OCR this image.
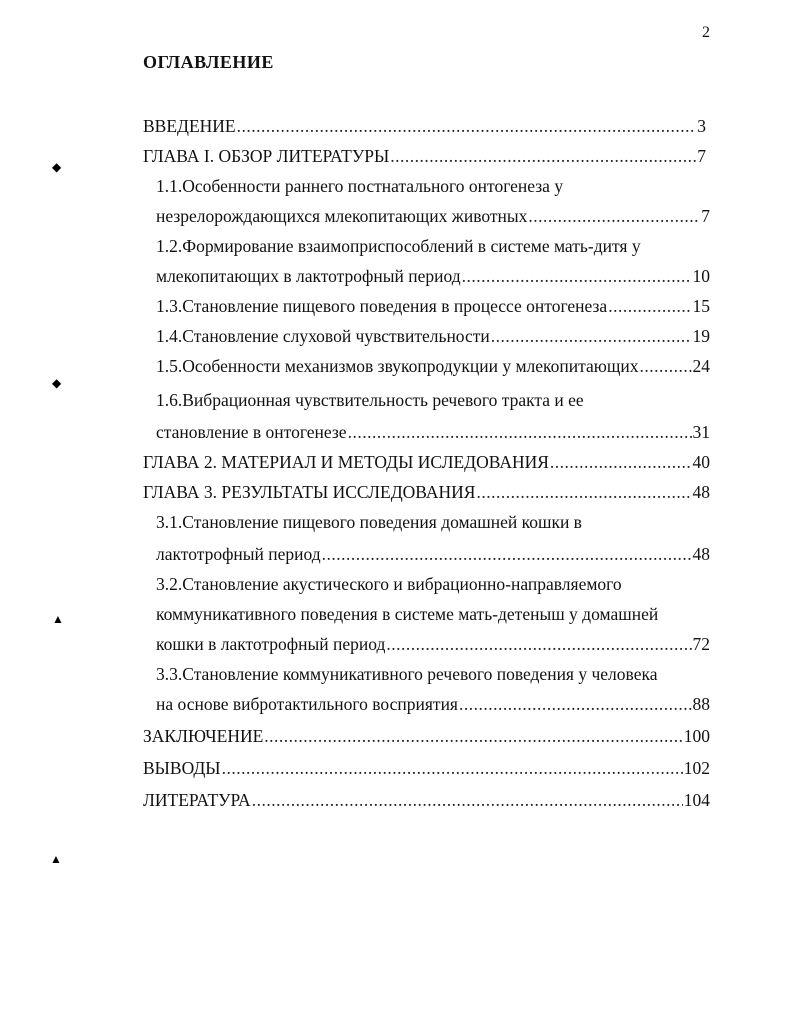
2
ОГЛАВЛЕНИЕ
ВВЕДЕНИЕ .....	3
ГЛАВА I. ОБЗОР ЛИТЕРАТУРЫ .....	7
1.1.Особенности раннего постнатального онтогенеза у
незрелорождающихся млекопитающих животных .....	7
1.2.Формирование взаимоприспособлений в системе мать-дитя у
млекопитающих в лактотрофный период .....	10
1.3. Становление пищевого поведения в процессе онтогенеза .....	15
1.4. Становление слуховой чувствительности .....	19
1.5. Особенности механизмов звукопродукции у млекопитающих .....	24
1.6.Вибрационная чувствительность речевого тракта и ее
становление в онтогенезе .....	31
ГЛАВА 2. МАТЕРИАЛ И МЕТОДЫ ИСЛЕДОВАНИЯ .....	40
ГЛАВА 3. РЕЗУЛЬТАТЫ ИССЛЕДОВАНИЯ .....	48
3.1.Становление пищевого поведения домашней кошки в
лактотрофный период .....	48
3.2.Становление акустического и вибрационно-направляемого
коммуникативного поведения в системе мать-детеныш у домашней
кошки в лактотрофный период .....	72
3.3.Становление коммуникативного речевого поведения у человека
на основе вибротактильного восприятия .....	88
ЗАКЛЮЧЕНИЕ .....	100
ВЫВОДЫ .....	102
ЛИТЕРАТУРА .....	104
◆
◆
▲
▲
